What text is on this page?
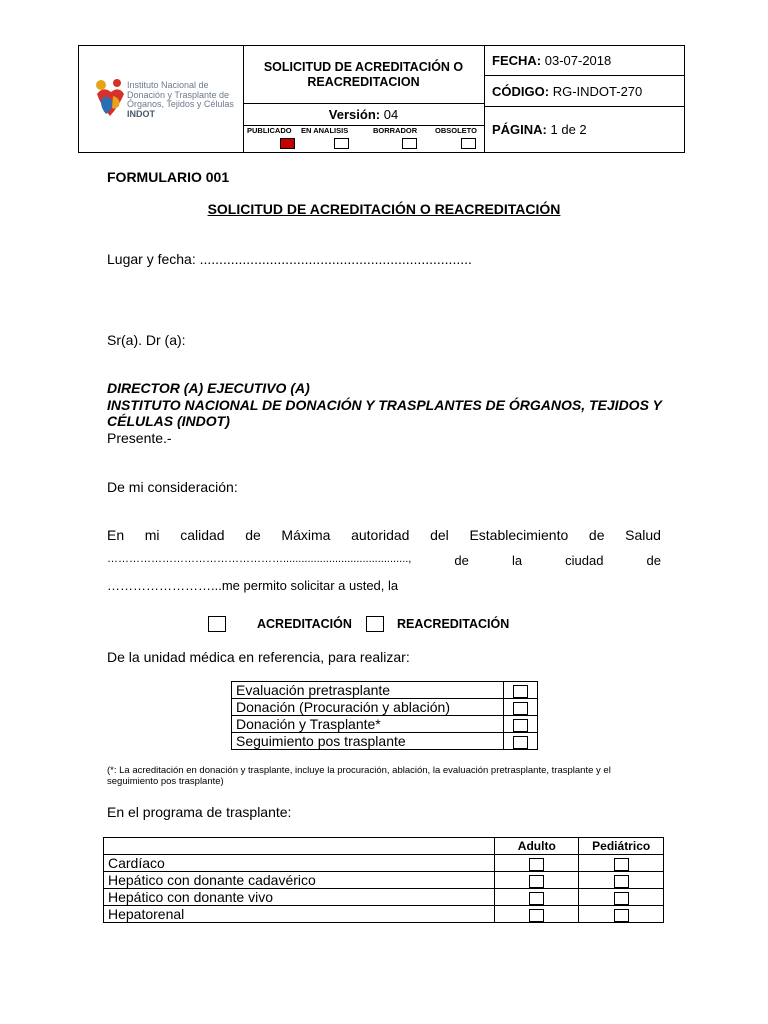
Instituto Nacional de
Donación y Trasplante de
Órganos, Tejidos y Células
INDOT
SOLICITUD DE ACREDITACIÓN O
REACREDITACION
Versión: 04
PUBLICADO EN ANALISIS	BORRADOR OBSOLETO
FECHA: 03-07-2018
CÓDIGO: RG-INDOT-270
PÁGINA: 1 de 2
FORMULARIO 001
SOLICITUD DE ACREDITACIÓN O REACREDITACIÓN
Lugar y fecha: ......................................................................
Sr(a). Dr (a):
DIRECTOR (A) EJECUTIVO (A)
INSTITUTO NACIONAL DE DONACIÓN Y TRASPLANTES DE ÓRGANOS, TEJIDOS Y
CÉLULAS (INDOT)
Presente.-
De mi consideración:
En mi calidad de Máxima autoridad del Establecimiento de Salud
………………………………………….........................................,	de	la	ciudad	de
……………………...me permito solicitar a usted, la
ACREDITACIÓN	REACREDITACIÓN
De la unidad médica en referencia, para realizar:
Evaluación pretrasplante	
Donación (Procuración y ablación)	
Donación y Trasplante*	
Seguimiento pos trasplante	
(*: La acreditación en donación y trasplante, incluye la procuración, ablación, la evaluación pretrasplante, trasplante y el
seguimiento pos trasplante)
En el programa de trasplante:
	Adulto	Pediátrico
Cardíaco		
Hepático con donante cadavérico		
Hepático con donante vivo		
Hepatorenal		
